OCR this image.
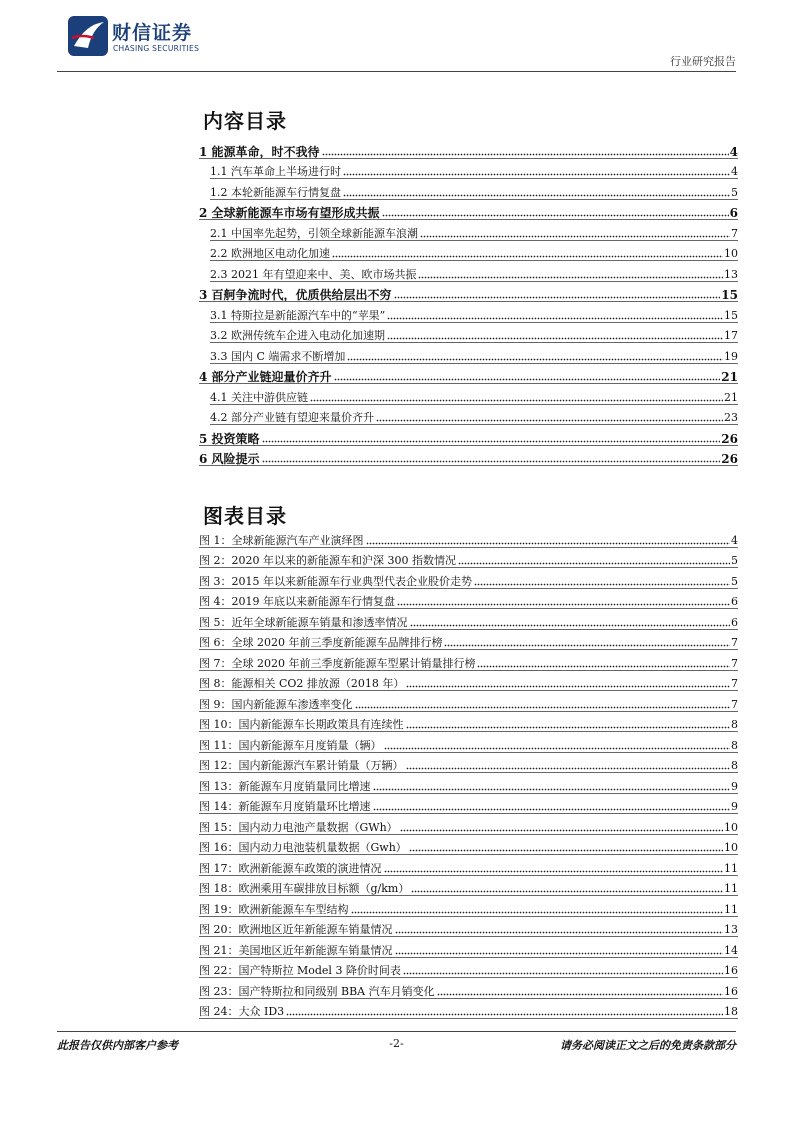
财信证券
CHASING SECURITIES
行业研究报告
内容目录
1 能源革命，时不我待	4
1.1 汽车革命上半场进行时	4
1.2 本轮新能源车行情复盘	5
2 全球新能源车市场有望形成共振	6
2.1 中国率先起势，引领全球新能源车浪潮	7
2.2 欧洲地区电动化加速	10
2.3 2021 年有望迎来中、美、欧市场共振	13
3 百舸争流时代，优质供给层出不穷	15
3.1 特斯拉是新能源汽车中的“苹果”	15
3.2 欧洲传统车企进入电动化加速期	17
3.3 国内 C 端需求不断增加	19
4 部分产业链迎量价齐升	21
4.1 关注中游供应链	21
4.2 部分产业链有望迎来量价齐升	23
5 投资策略	26
6 风险提示	26
图表目录
图 1：全球新能源汽车产业演绎图	4
图 2：2020 年以来的新能源车和沪深 300 指数情况	5
图 3：2015 年以来新能源车行业典型代表企业股价走势	5
图 4：2019 年底以来新能源车行情复盘	6
图 5：近年全球新能源车销量和渗透率情况	6
图 6：全球 2020 年前三季度新能源车品牌排行榜	7
图 7：全球 2020 年前三季度新能源车型累计销量排行榜	7
图 8：能源相关 CO2 排放源（2018 年）	7
图 9：国内新能源车渗透率变化	7
图 10：国内新能源车长期政策具有连续性	8
图 11：国内新能源车月度销量（辆）	8
图 12：国内新能源汽车累计销量（万辆）	8
图 13：新能源车月度销量同比增速	9
图 14：新能源车月度销量环比增速	9
图 15：国内动力电池产量数据（GWh）	10
图 16：国内动力电池装机量数据（Gwh）	10
图 17：欧洲新能源车政策的演进情况	11
图 18：欧洲乘用车碳排放目标额（g/km）	11
图 19：欧洲新能源车车型结构	11
图 20：欧洲地区近年新能源车销量情况	13
图 21：美国地区近年新能源车销量情况	14
图 22：国产特斯拉 Model 3 降价时间表	16
图 23：国产特斯拉和同级别 BBA 汽车月销变化	16
图 24：大众 ID3	18
此报告仅供内部客户参考	-2-	请务必阅读正文之后的免责条款部分
